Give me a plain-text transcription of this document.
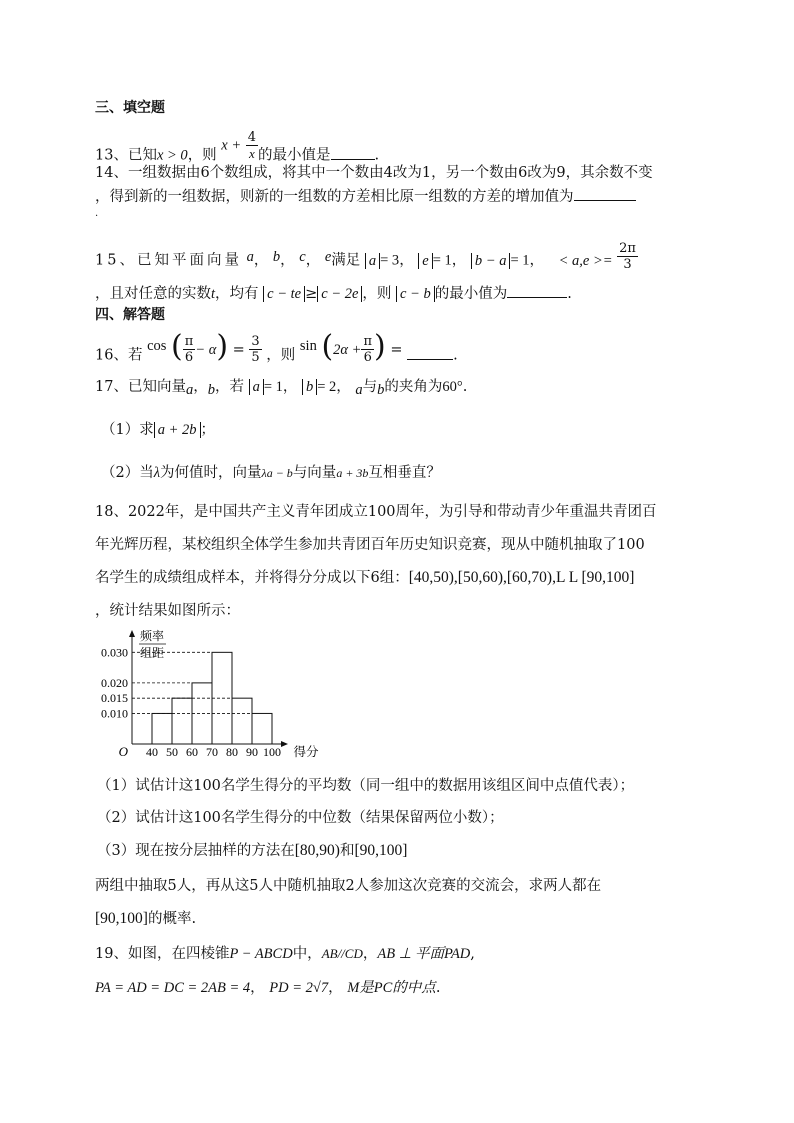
三、填空题
13、已知x > 0，则 $x + \frac{4}{x}$ 的最小值是	.
14、一组数据由6个数组成，将其中一个数由4改为1，另一个数由6改为9，其余数不变
，得到新的一组数据，则新的一组数的方差相比原一组数的方差的增加值为
.
15、已知平面向量 a， b， c， e满足 a = 3， e = 1， b − a = 1， < $a,e >= \frac{2\pi}{3}$
，且对任意的实数t，均有 c − te ≥ c − 2e ，则 c − b 的最小值为	.
四、解答题
16、若 cos ( $\frac{\pi}{6} - \alpha) = \frac{3}{5}$ ，则 $\sin (2\alpha + \frac{\pi}{6}$ ) =	.
17、已知向量a，b，若 a = 1， b = 2， a与b的夹角为60°.
（1）求 a + 2b ；
（2）当λ为何值时，向量λa − b与向量a + 3b互相垂直？
18、2022年，是中国共产主义青年团成立100周年，为引导和带动青少年重温共青团百
年光辉历程，某校组织全体学生参加共青团百年历史知识竞赛，现从中随机抽取了100
名学生的成绩组成样本，并将得分分成以下6组：[40,50),[50,60),[60,70),L L [90,100]
，统计结果如图所示：
频率
组距
O	得分
0.010
0.015
0.020
0.030
40 50 60 70 80 90 100
（1）试估计这100名学生得分的平均数（同一组中的数据用该组区间中点值代表）；
（2）试估计这100名学生得分的中位数（结果保留两位小数）；
（3）现在按分层抽样的方法在[80,90)和[90,100]
两组中抽取5人，再从这5人中随机抽取2人参加这次竞赛的交流会，求两人都在
[90,100]的概率.
19、如图，在四棱锥P − ABCD中，AB//CD，AB ⊥ 平面PAD,
PA = AD = DC = 2AB = 4， PD = 2√7， M是PC的中点.
